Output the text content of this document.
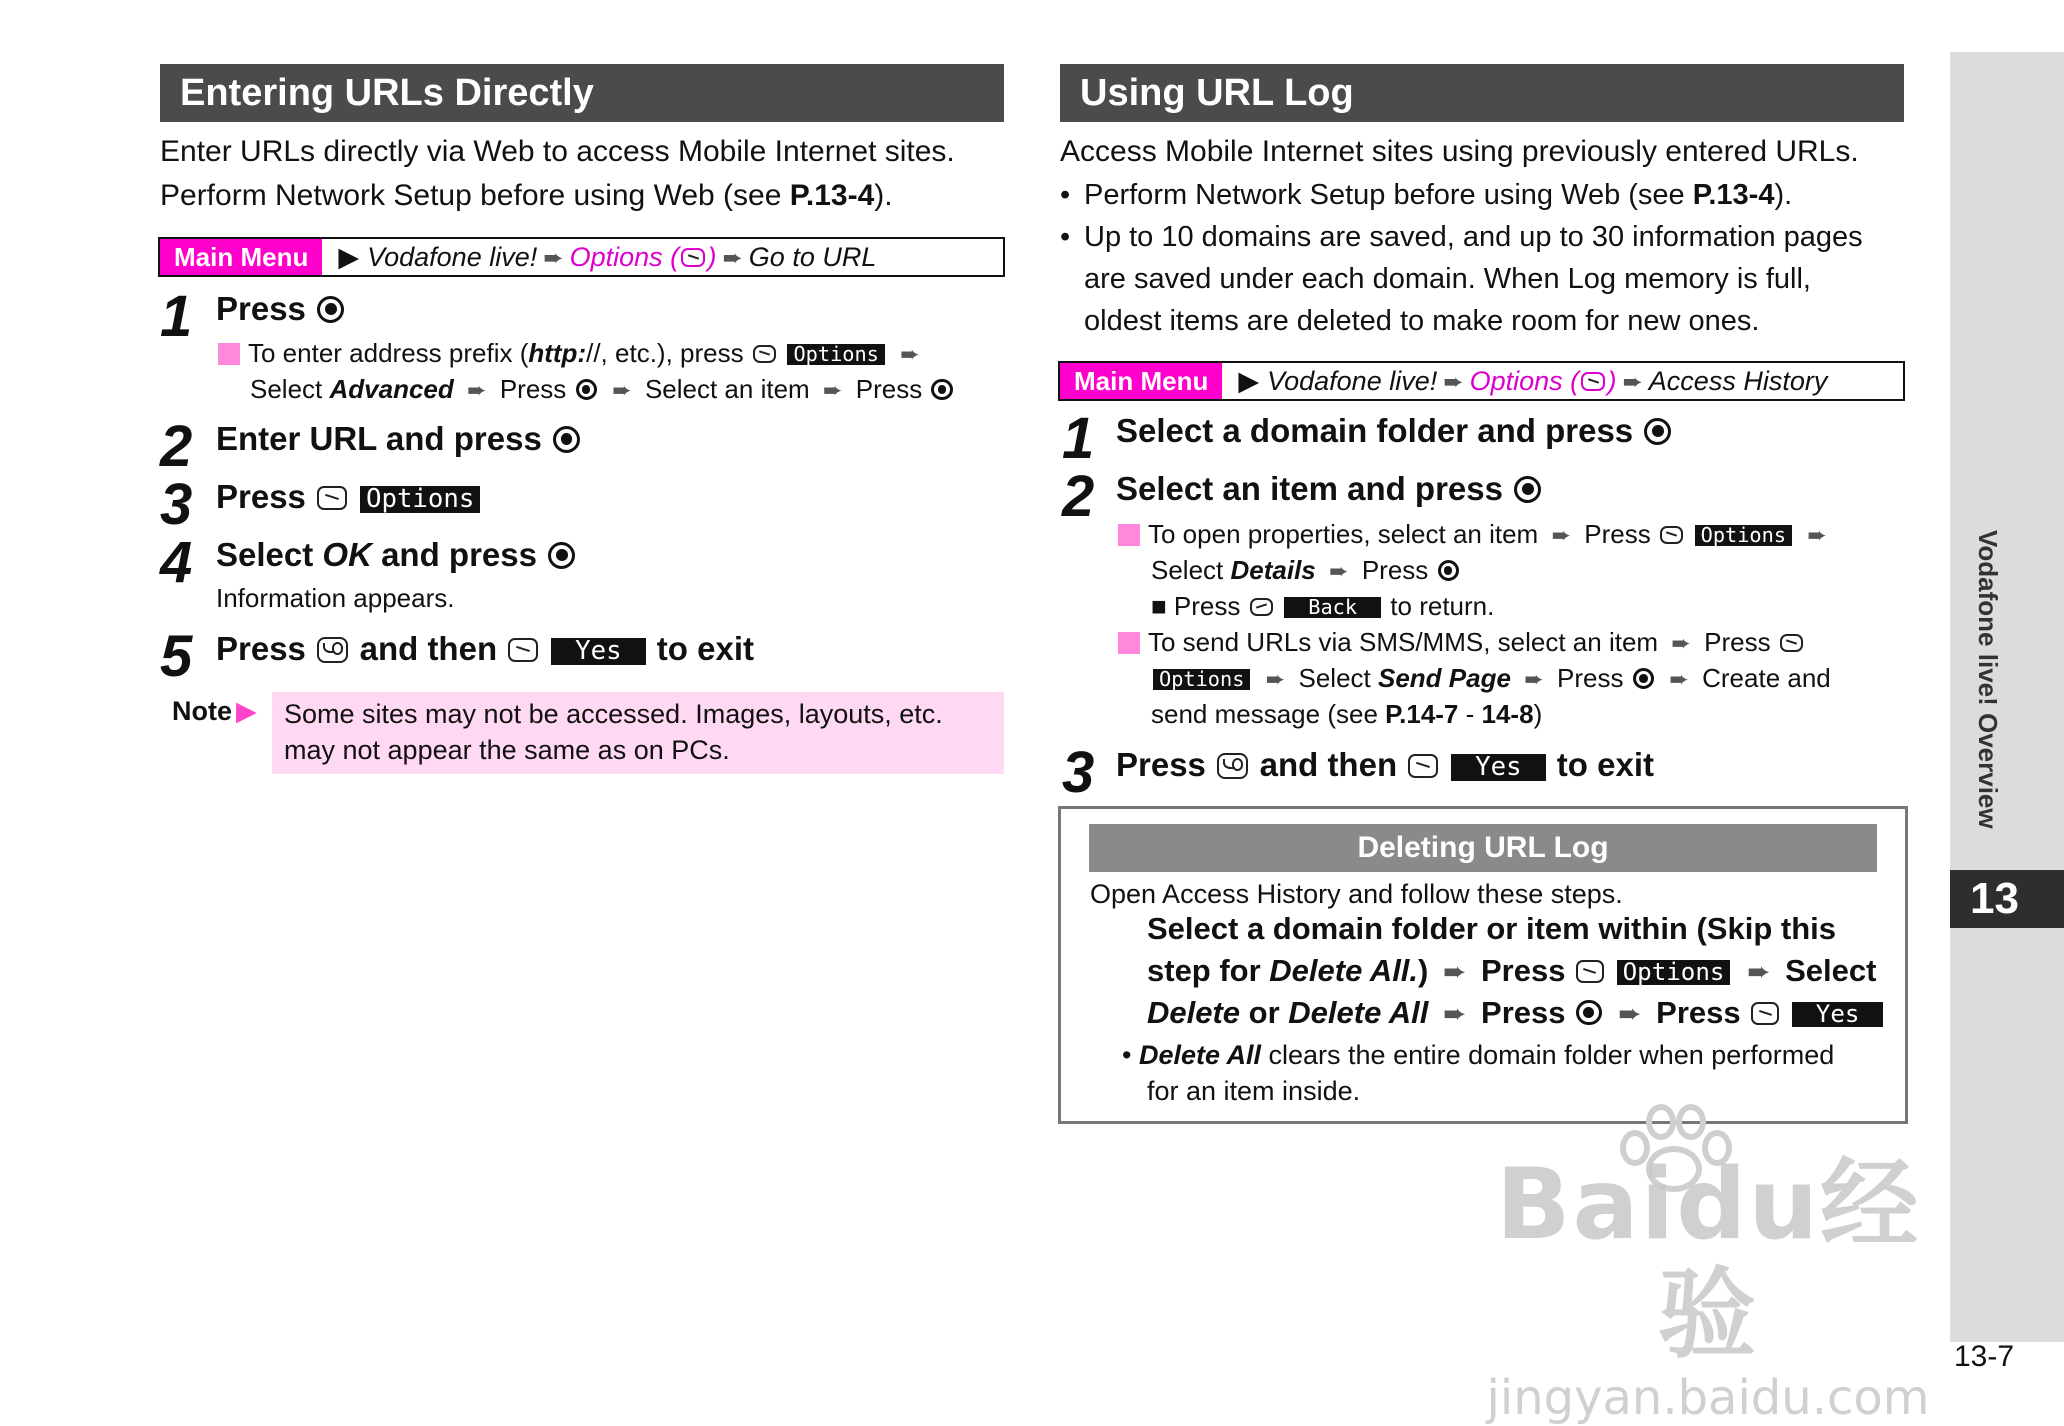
Entering URLs Directly
Enter URLs directly via Web to access Mobile Internet sites.
Perform Network Setup before using Web (see P.13-4).
Main Menu ▶ Vodafone live! ➨ Options ( ) ➨ Go to URL
1 Press
To enter address prefix (http://, etc.), press Options ➨
Select Advanced ➨ Press ➨ Select an item ➨ Press
2 Enter URL and press
3 Press Options
4 Select OK and press
Information appears.
5 Press and then	Yes to exit
Note ▶ Some sites may not be accessed. Images, layouts, etc.
may not appear the same as on PCs.
Using URL Log
Access Mobile Internet sites using previously entered URLs.
• Perform Network Setup before using Web (see P.13-4).
• Up to 10 domains are saved, and up to 30 information pages
are saved under each domain. When Log memory is full,
oldest items are deleted to make room for new ones.
Main Menu ▶ Vodafone live! ➨ Options ( ) ➨ Access History
1 Select a domain folder and press
2 Select an item and press
To open properties, select an item ➨ Press Options ➨
Select Details ➨ Press
■ Press	Back to return.
To send URLs via SMS/MMS, select an item ➨ Press
Options ➨ Select Send Page ➨ Press ➨ Create and
send message (see P.14-7 - 14-8)
3 Press and then	Yes to exit
Deleting URL Log
Open Access History and follow these steps.
Select a domain folder or item within (Skip this
step for Delete All.) ➨ Press Options ➨ Select
Delete or Delete All ➨ Press ➨ Press	Yes
• Delete All clears the entire domain folder when performed
for an item inside.
Vodafone live! Overview
13
13-7
Baidu经验
jingyan.baidu.com
